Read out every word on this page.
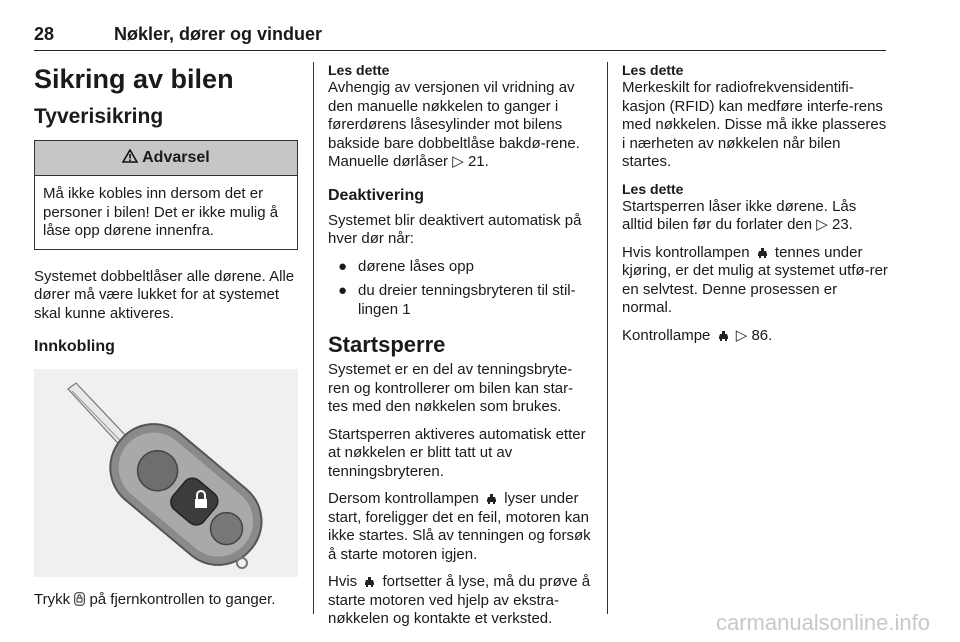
28	Nøkler, dører og vinduer
Sikring av bilen
Tyverisikring
Advarsel
Må ikke kobles inn dersom det er personer i bilen! Det er ikke mulig å låse opp dørene innenfra.

Systemet dobbeltlåser alle dørene. Alle dører må være lukket for at systemet skal kunne aktiveres.

Innkobling

Trykk på fjernkontrollen to ganger.

Les dette
Avhengig av versjonen vil vridning av den manuelle nøkkelen to ganger i førerdørens låsesylinder mot bilens bakside bare dobbeltlåse bakdø-rene. Manuelle dørlåser ▷ 21.
Deaktivering

Systemet blir deaktivert automatisk på hver dør når:

● dørene låses opp
● du dreier tenningsbryteren til stil-lingen 1
Startsperre

Systemet er en del av tenningsbryte-ren og kontrollerer om bilen kan star-tes med den nøkkelen som brukes.

Startsperren aktiveres automatisk etter at nøkkelen er blitt tatt ut av tenningsbryteren.

Dersom kontrollampen lyser under start, foreligger det en feil, motoren kan ikke startes. Slå av tenningen og forsøk å starte motoren igjen.

Hvis fortsetter å lyse, må du prøve å starte motoren ved hjelp av ekstra-nøkkelen og kontakte et verksted.

Les dette
Merkeskilt for radiofrekvensidentifi-kasjon (RFID) kan medføre interfe-rens med nøkkelen. Disse må ikke plasseres i nærheten av nøkkelen når bilen startes.
Les dette
Startsperren låser ikke dørene. Lås alltid bilen før du forlater den ▷ 23.

Hvis kontrollampen tennes under kjøring, er det mulig at systemet utfø-rer en selvtest. Denne prosessen er normal.

Kontrollampe ▷ 86.

carmanualsonline.info
